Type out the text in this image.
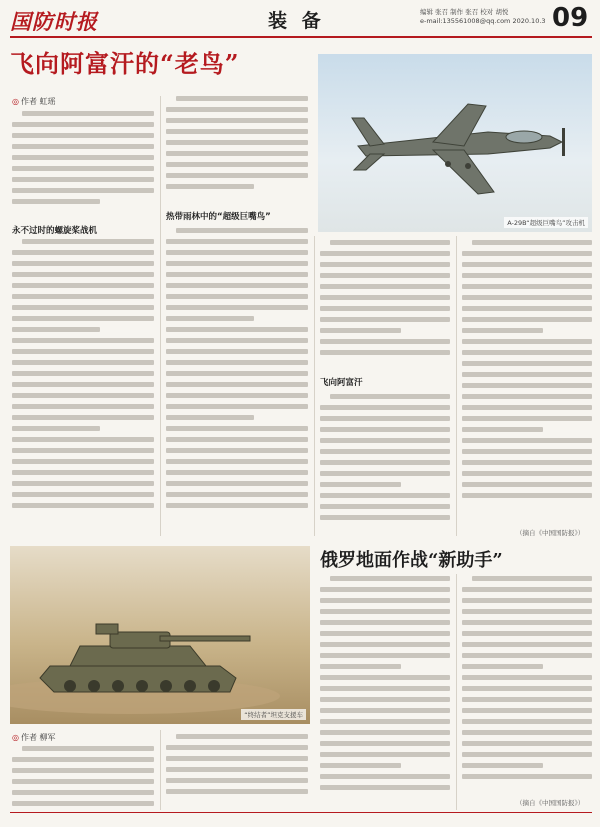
国防时报	装 备	编辑 张召 制作 张召 校对 胡悦
e-mail:135561008@qq.com 2020.10.3 09
飞向阿富汗的“老鸟”
A-29B“超级巨嘴鸟”攻击机
◎ 作者 虹瑶
永不过时的螺旋桨战机
热带雨林中的“超级巨嘴鸟”
飞向阿富汗
（摘自《中国国防报》）
“终结者”坦克支援车
俄罗地面作战“新助手”
◎ 作者 柳军
（摘自《中国国防报》）
